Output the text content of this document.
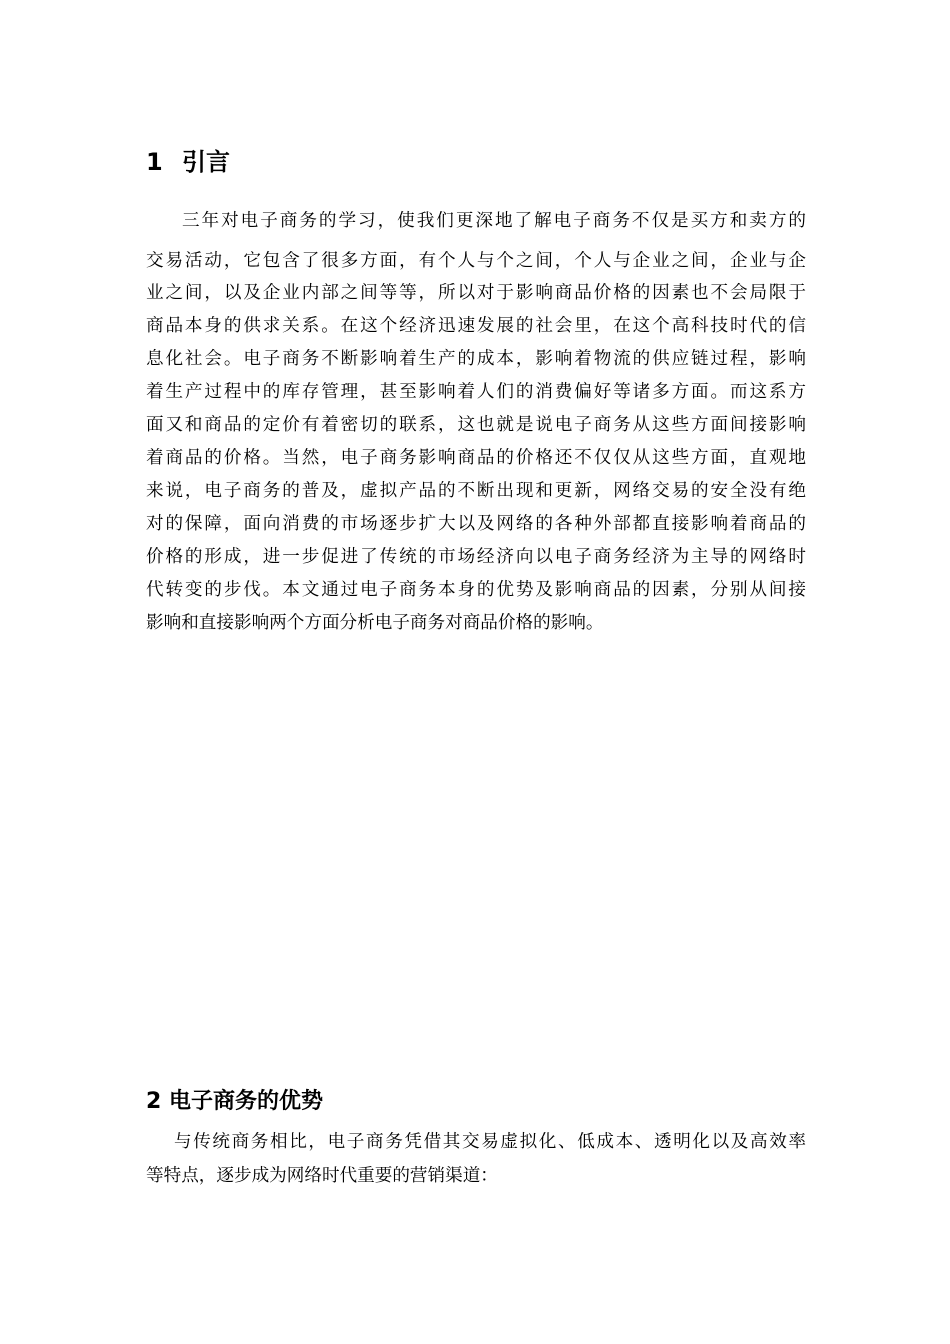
1 引言
三年对电子商务的学习，使我们更深地了解电子商务不仅是买方和卖方的
交易活动，它包含了很多方面，有个人与个之间，个人与企业之间，企业与企
业之间，以及企业内部之间等等，所以对于影响商品价格的因素也不会局限于
商品本身的供求关系。在这个经济迅速发展的社会里，在这个高科技时代的信
息化社会。电子商务不断影响着生产的成本，影响着物流的供应链过程，影响
着生产过程中的库存管理，甚至影响着人们的消费偏好等诸多方面。而这系方
面又和商品的定价有着密切的联系，这也就是说电子商务从这些方面间接影响
着商品的价格。当然，电子商务影响商品的价格还不仅仅从这些方面，直观地
来说，电子商务的普及，虚拟产品的不断出现和更新，网络交易的安全没有绝
对的保障，面向消费的市场逐步扩大以及网络的各种外部都直接影响着商品的
价格的形成，进一步促进了传统的市场经济向以电子商务经济为主导的网络时
代转变的步伐。本文通过电子商务本身的优势及影响商品的因素，分别从间接
影响和直接影响两个方面分析电子商务对商品价格的影响。
2 电子商务的优势
与传统商务相比，电子商务凭借其交易虚拟化、低成本、透明化以及高效率
等特点，逐步成为网络时代重要的营销渠道：
